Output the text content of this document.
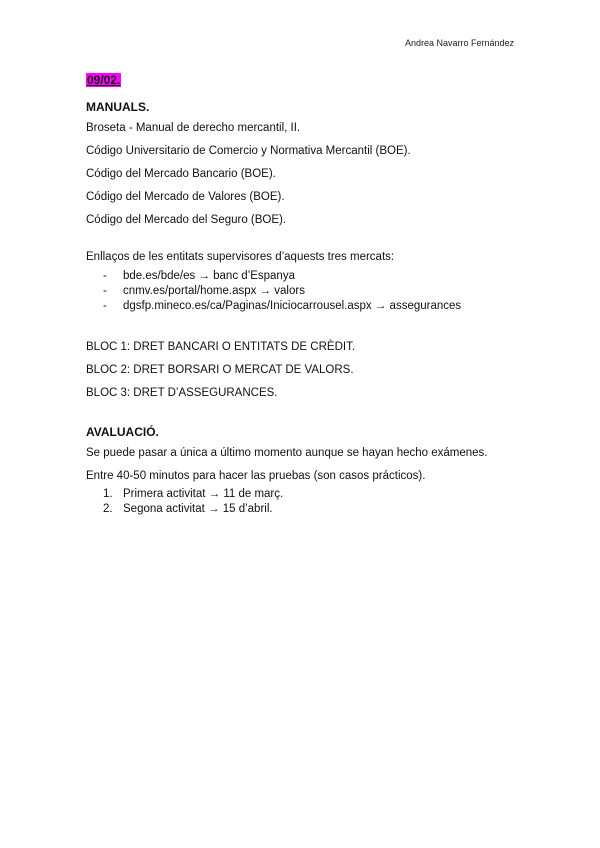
Andrea Navarro Fernández
09/02.
MANUALS.
Broseta - Manual de derecho mercantil, II.
Código Universitario de Comercio y Normativa Mercantil (BOE).
Código del Mercado Bancario (BOE).
Código del Mercado de Valores (BOE).
Código del Mercado del Seguro (BOE).
Enllaços de les entitats supervisores d’aquests tres mercats:
- bde.es/bde/es → banc d’Espanya
- cnmv.es/portal/home.aspx → valors
- dgsfp.mineco.es/ca/Paginas/Iniciocarrousel.aspx → assegurances
BLOC 1: DRET BANCARI O ENTITATS DE CRÈDIT.
BLOC 2: DRET BORSARI O MERCAT DE VALORS.
BLOC 3: DRET D’ASSEGURANCES.
AVALUACIÓ.
Se puede pasar a única a último momento aunque se hayan hecho exámenes.
Entre 40-50 minutos para hacer las pruebas (son casos prácticos).
1. Primera activitat → 11 de març.
2. Segona activitat → 15 d’abril.
